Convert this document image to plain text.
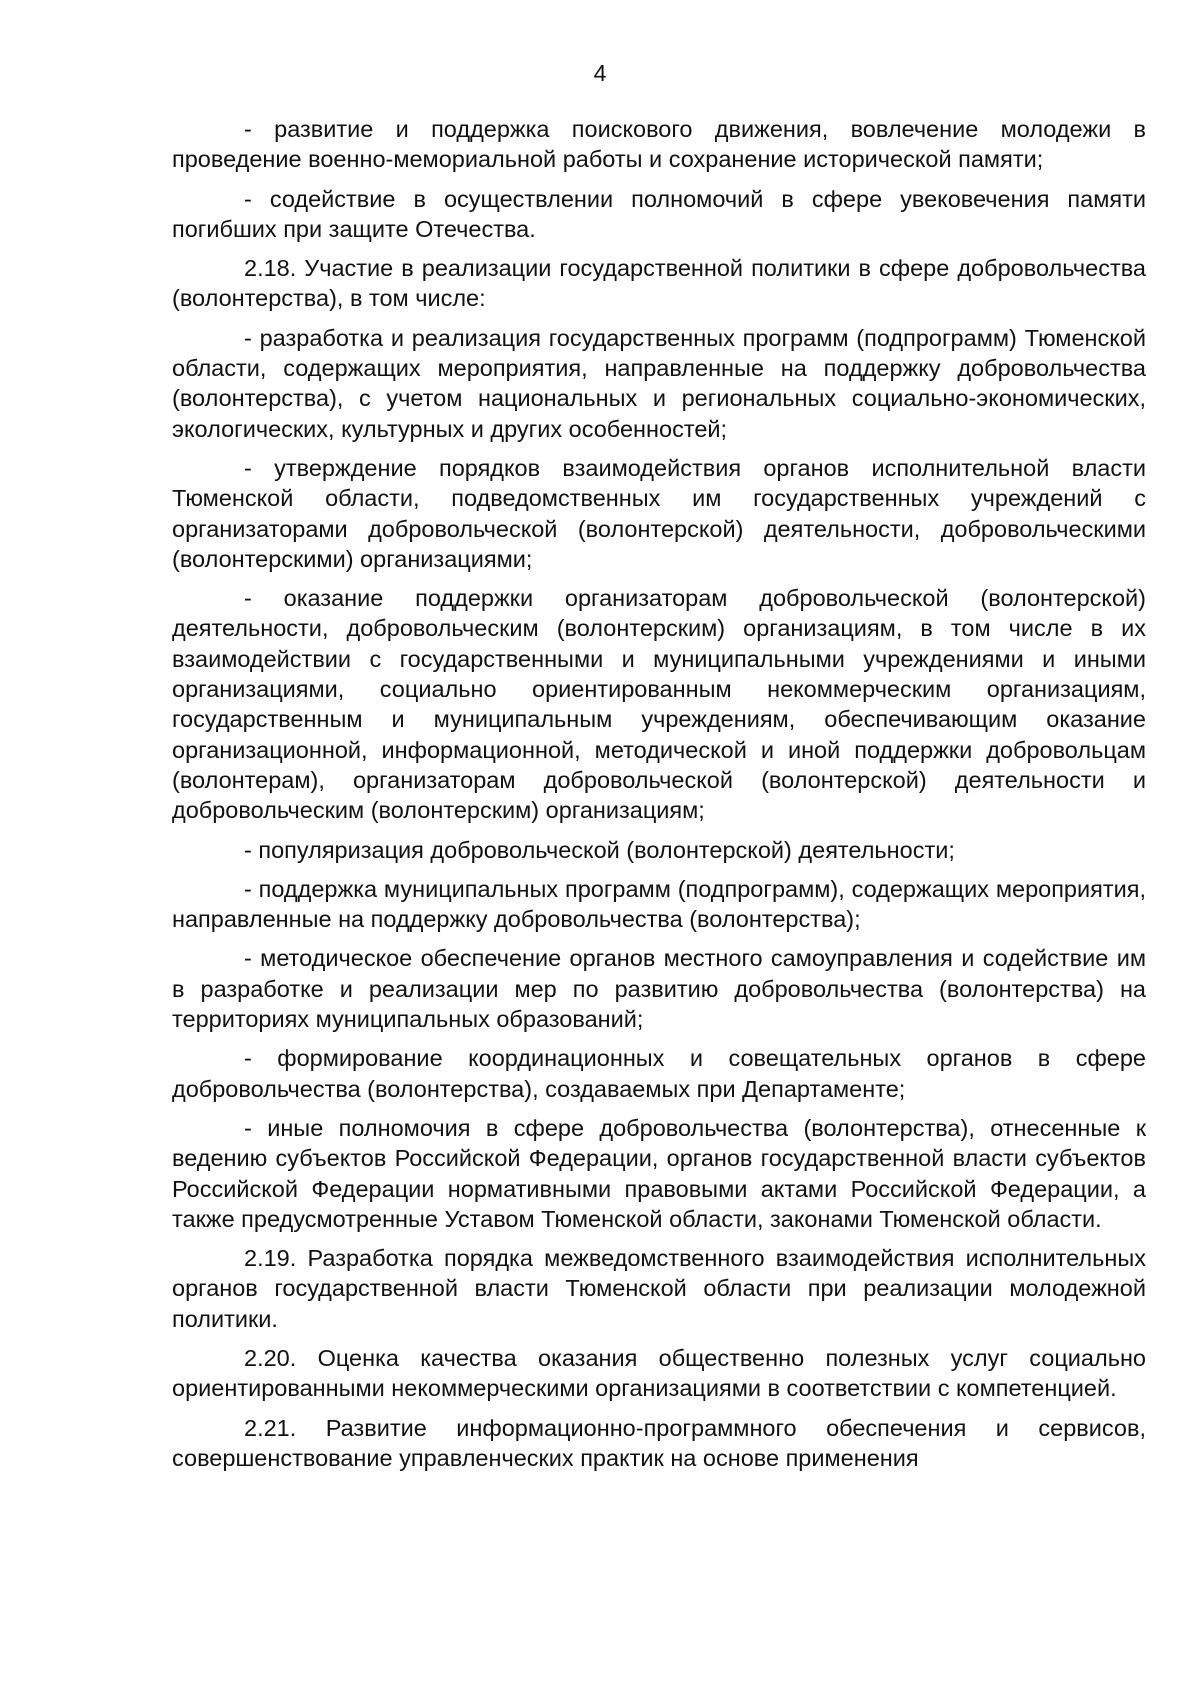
4

- развитие и поддержка поискового движения, вовлечение молодежи в проведение военно-мемориальной работы и сохранение исторической памяти;

- содействие в осуществлении полномочий в сфере увековечения памяти погибших при защите Отечества.

2.18. Участие в реализации государственной политики в сфере добровольчества (волонтерства), в том числе:

- разработка и реализация государственных программ (подпрограмм) Тюменской области, содержащих мероприятия, направленные на поддержку добровольчества (волонтерства), с учетом национальных и региональных социально-экономических, экологических, культурных и других особенностей;

- утверждение порядков взаимодействия органов исполнительной власти Тюменской области, подведомственных им государственных учреждений с организаторами добровольческой (волонтерской) деятельности, добровольческими (волонтерскими) организациями;

- оказание поддержки организаторам добровольческой (волонтерской) деятельности, добровольческим (волонтерским) организациям, в том числе в их взаимодействии с государственными и муниципальными учреждениями и иными организациями, социально ориентированным некоммерческим организациям, государственным и муниципальным учреждениям, обеспечивающим оказание организационной, информационной, методической и иной поддержки добровольцам (волонтерам), организаторам добровольческой (волонтерской) деятельности и добровольческим (волонтерским) организациям;

- популяризация добровольческой (волонтерской) деятельности;

- поддержка муниципальных программ (подпрограмм), содержащих мероприятия, направленные на поддержку добровольчества (волонтерства);

- методическое обеспечение органов местного самоуправления и содействие им в разработке и реализации мер по развитию добровольчества (волонтерства) на территориях муниципальных образований;

- формирование координационных и совещательных органов в сфере добровольчества (волонтерства), создаваемых при Департаменте;

- иные полномочия в сфере добровольчества (волонтерства), отнесенные к ведению субъектов Российской Федерации, органов государственной власти субъектов Российской Федерации нормативными правовыми актами Российской Федерации, а также предусмотренные Уставом Тюменской области, законами Тюменской области.

2.19. Разработка порядка межведомственного взаимодействия исполнительных органов государственной власти Тюменской области при реализации молодежной политики.

2.20. Оценка качества оказания общественно полезных услуг социально ориентированными некоммерческими организациями в соответствии с компетенцией.

2.21. Развитие информационно-программного обеспечения и сервисов, совершенствование управленческих практик на основе применения
